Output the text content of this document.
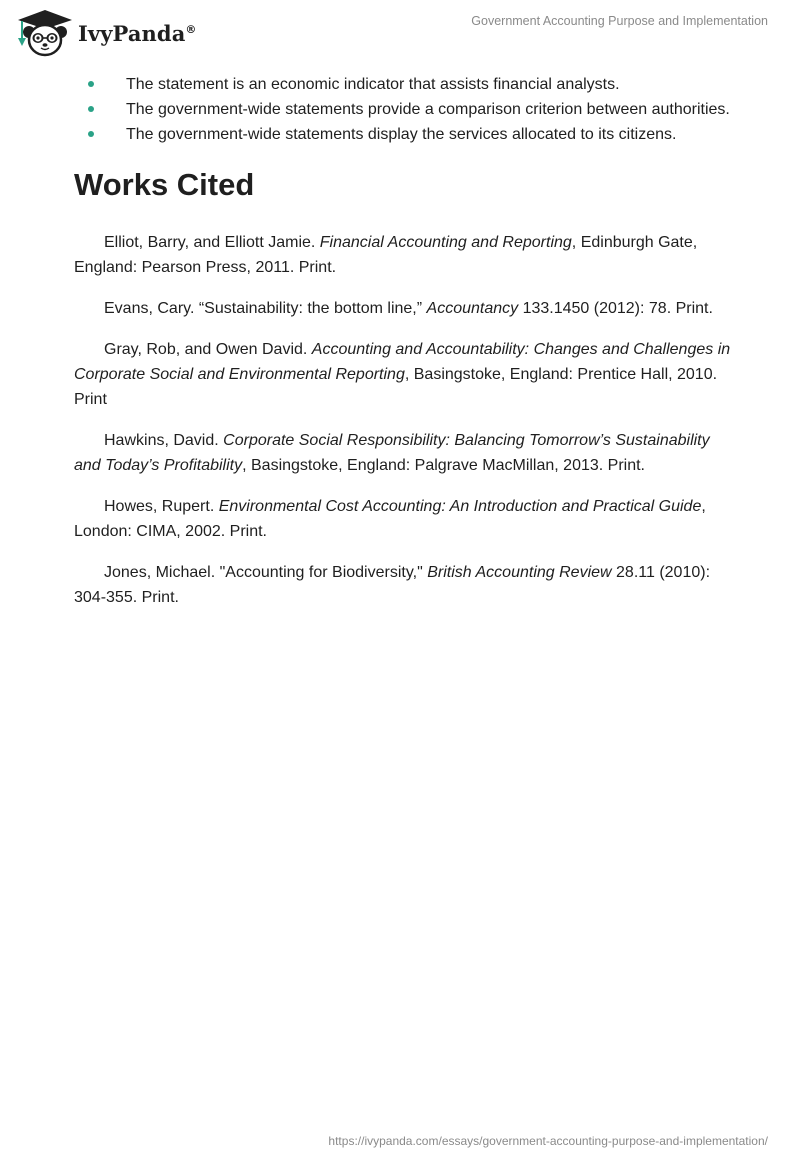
IvyPanda®
Government Accounting Purpose and Implementation
The statement is an economic indicator that assists financial analysts.
The government-wide statements provide a comparison criterion between authorities.
The government-wide statements display the services allocated to its citizens.
Works Cited

Elliot, Barry, and Elliott Jamie. Financial Accounting and Reporting, Edinburgh Gate, England: Pearson Press, 2011. Print.

Evans, Cary. “Sustainability: the bottom line,” Accountancy 133.1450 (2012): 78. Print.

Gray, Rob, and Owen David. Accounting and Accountability: Changes and Challenges in Corporate Social and Environmental Reporting, Basingstoke, England: Prentice Hall, 2010. Print

Hawkins, David. Corporate Social Responsibility: Balancing Tomorrow’s Sustainability and Today’s Profitability, Basingstoke, England: Palgrave MacMillan, 2013. Print.

Howes, Rupert. Environmental Cost Accounting: An Introduction and Practical Guide, London: CIMA, 2002. Print.

Jones, Michael. "Accounting for Biodiversity," British Accounting Review 28.11 (2010): 304-355. Print.

https://ivypanda.com/essays/government-accounting-purpose-and-implementation/
